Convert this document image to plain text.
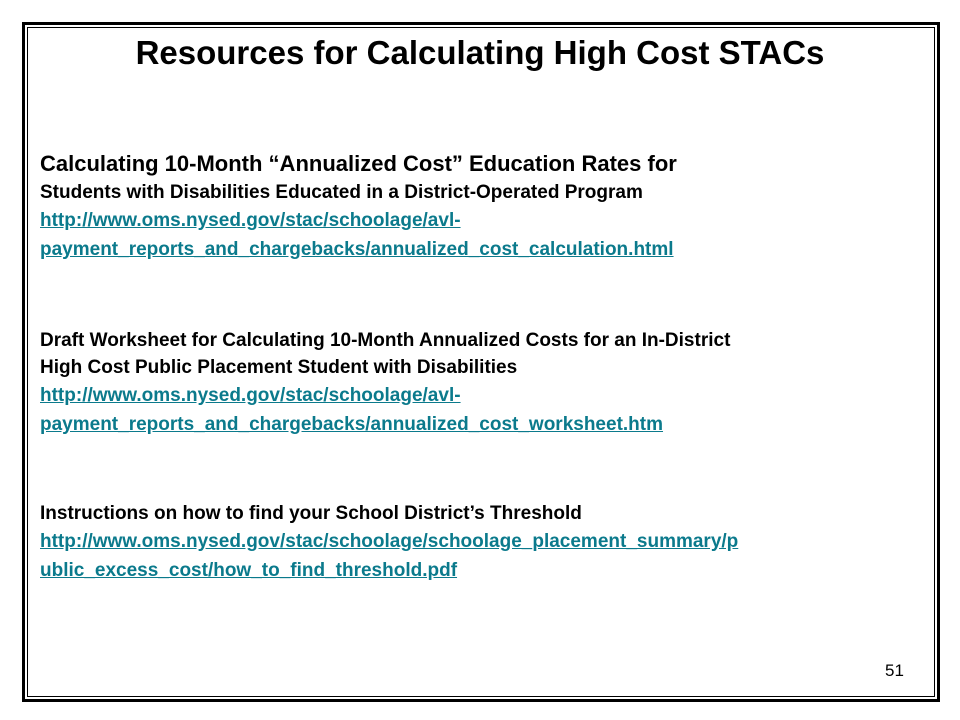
Resources for Calculating High Cost STACs

Calculating 10-Month “Annualized Cost” Education Rates for
Students with Disabilities Educated in a District-Operated Program

http://www.oms.nysed.gov/stac/schoolage/avl-
payment_reports_and_chargebacks/annualized_cost_calculation.html

Draft Worksheet for Calculating 10-Month Annualized Costs for an In-District
High Cost Public Placement Student with Disabilities

http://www.oms.nysed.gov/stac/schoolage/avl-
payment_reports_and_chargebacks/annualized_cost_worksheet.htm

Instructions on how to find your School District’s Threshold

http://www.oms.nysed.gov/stac/schoolage/schoolage_placement_summary/p
ublic_excess_cost/how_to_find_threshold.pdf
51
